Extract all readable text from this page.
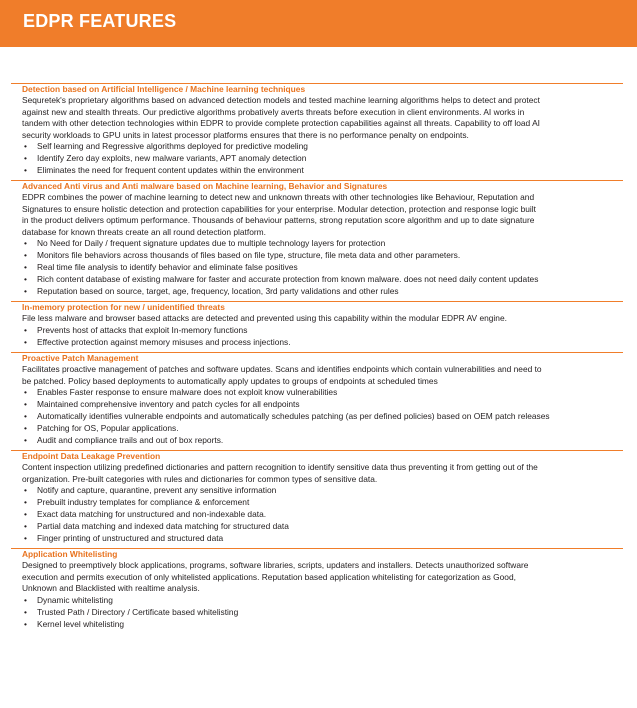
EDPR FEATURES
Detection based on Artificial Intelligence / Machine learning techniques

Sequretek's proprietary algorithms based on advanced detection models and tested machine learning algorithms helps to detect and protect
against new and stealth threats. Our predictive algorithms probatively averts threats before execution in client environments. AI works in
tandem with other detection technologies within EDPR to provide complete protection capabilities against all threats. Capability to off load AI
security workloads to GPU units in latest processor platforms ensures that there is no performance penalty on endpoints.

• Self learning and Regressive algorithms deployed for predictive modeling
• Identify Zero day exploits, new malware variants, APT anomaly detection
• Eliminates the need for frequent content updates within the environment
Advanced Anti virus and Anti malware based on Machine learning, Behavior and Signatures

EDPR combines the power of machine learning to detect new and unknown threats with other technologies like Behaviour, Reputation and
Signatures to ensure holistic detection and protection capabilities for your enterprise. Modular detection, protection and response logic built
in the product delivers optimum performance. Thousands of behaviour patterns, strong reputation score algorithm and up to date signature
database for known threats create an all round detection platform.

• No Need for Daily / frequent signature updates due to multiple technology layers for protection
• Monitors file behaviors across thousands of files based on file type, structure, file meta data and other parameters.
• Real time file analysis to identify behavior and eliminate false positives
• Rich content database of existing malware for faster and accurate protection from known malware. does not need daily content updates
• Reputation based on source, target, age, frequency, location, 3rd party validations and other rules
In-memory protection for new / unidentified threats

File less malware and browser based attacks are detected and prevented using this capability within the modular EDPR AV engine.

• Prevents host of attacks that exploit In-memory functions
• Effective protection against memory misuses and process injections.
Proactive Patch Management

Facilitates proactive management of patches and software updates. Scans and identifies endpoints which contain vulnerabilities and need to
be patched. Policy based deployments to automatically apply updates to groups of endpoints at scheduled times

• Enables Faster response to ensure malware does not exploit know vulnerabilities
• Maintained comprehensive inventory and patch cycles for all endpoints
• Automatically identifies vulnerable endpoints and automatically schedules patching (as per defined policies) based on OEM patch releases
• Patching for OS, Popular applications.
• Audit and compliance trails and out of box reports.
Endpoint Data Leakage Prevention

Content inspection utilizing predefined dictionaries and pattern recognition to identify sensitive data thus preventing it from getting out of the
organization. Pre-built categories with rules and dictionaries for common types of sensitive data.

• Notify and capture, quarantine, prevent any sensitive information
• Prebuilt industry templates for compliance & enforcement
• Exact data matching for unstructured and non-indexable data.
• Partial data matching and indexed data matching for structured data
• Finger printing of unstructured and structured data
Application Whitelisting

Designed to preemptively block applications, programs, software libraries, scripts, updaters and installers. Detects unauthorized software
execution and permits execution of only whitelisted applications. Reputation based application whitelisting for categorization as Good,
Unknown and Blacklisted with realtime analysis.

• Dynamic whitelisting
• Trusted Path / Directory / Certificate based whitelisting
• Kernel level whitelisting
